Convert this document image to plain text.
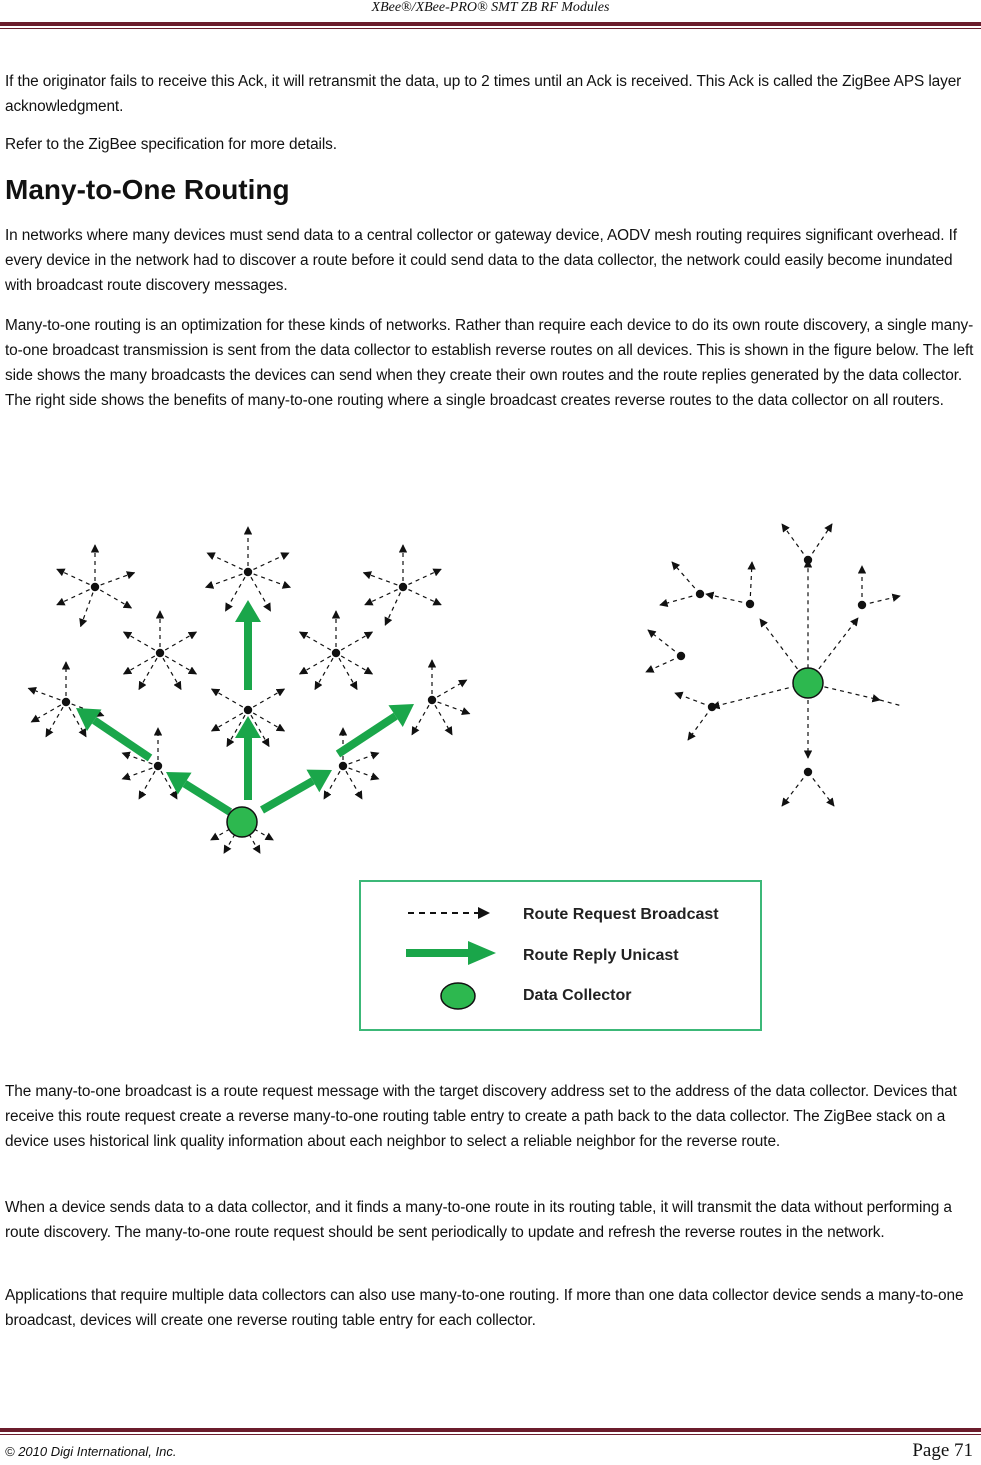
XBee®/XBee-PRO® SMT ZB RF Modules

If the originator fails to receive this Ack, it will retransmit the data, up to 2 times until an Ack is received. This Ack is called the ZigBee APS layer acknowledgment.

Refer to the ZigBee specification for more details.

Many-to-One Routing

In networks where many devices must send data to a central collector or gateway device, AODV mesh routing requires significant overhead. If every device in the network had to discover a route before it could send data to the data collector, the network could easily become inundated with broadcast route discovery messages.

Many-to-one routing is an optimization for these kinds of networks. Rather than require each device to do its own route discovery, a single many-to-one broadcast transmission is sent from the data collector to establish reverse routes on all devices. This is shown in the figure below. The left side shows the many broadcasts the devices can send when they create their own routes and the route replies generated by the data collector. The right side shows the benefits of many-to-one routing where a single broadcast creates reverse routes to the data collector on all routers.

Route Request Broadcast
Route Reply Unicast
Data Collector

The many-to-one broadcast is a route request message with the target discovery address set to the address of the data collector. Devices that receive this route request create a reverse many-to-one routing table entry to create a path back to the data collector. The ZigBee stack on a device uses historical link quality information about each neighbor to select a reliable neighbor for the reverse route.

When a device sends data to a data collector, and it finds a many-to-one route in its routing table, it will transmit the data without performing a route discovery. The many-to-one route request should be sent periodically to update and refresh the reverse routes in the network.

Applications that require multiple data collectors can also use many-to-one routing. If more than one data collector device sends a many-to-one broadcast, devices will create one reverse routing table entry for each collector.

© 2010 Digi International, Inc.	Page 71
